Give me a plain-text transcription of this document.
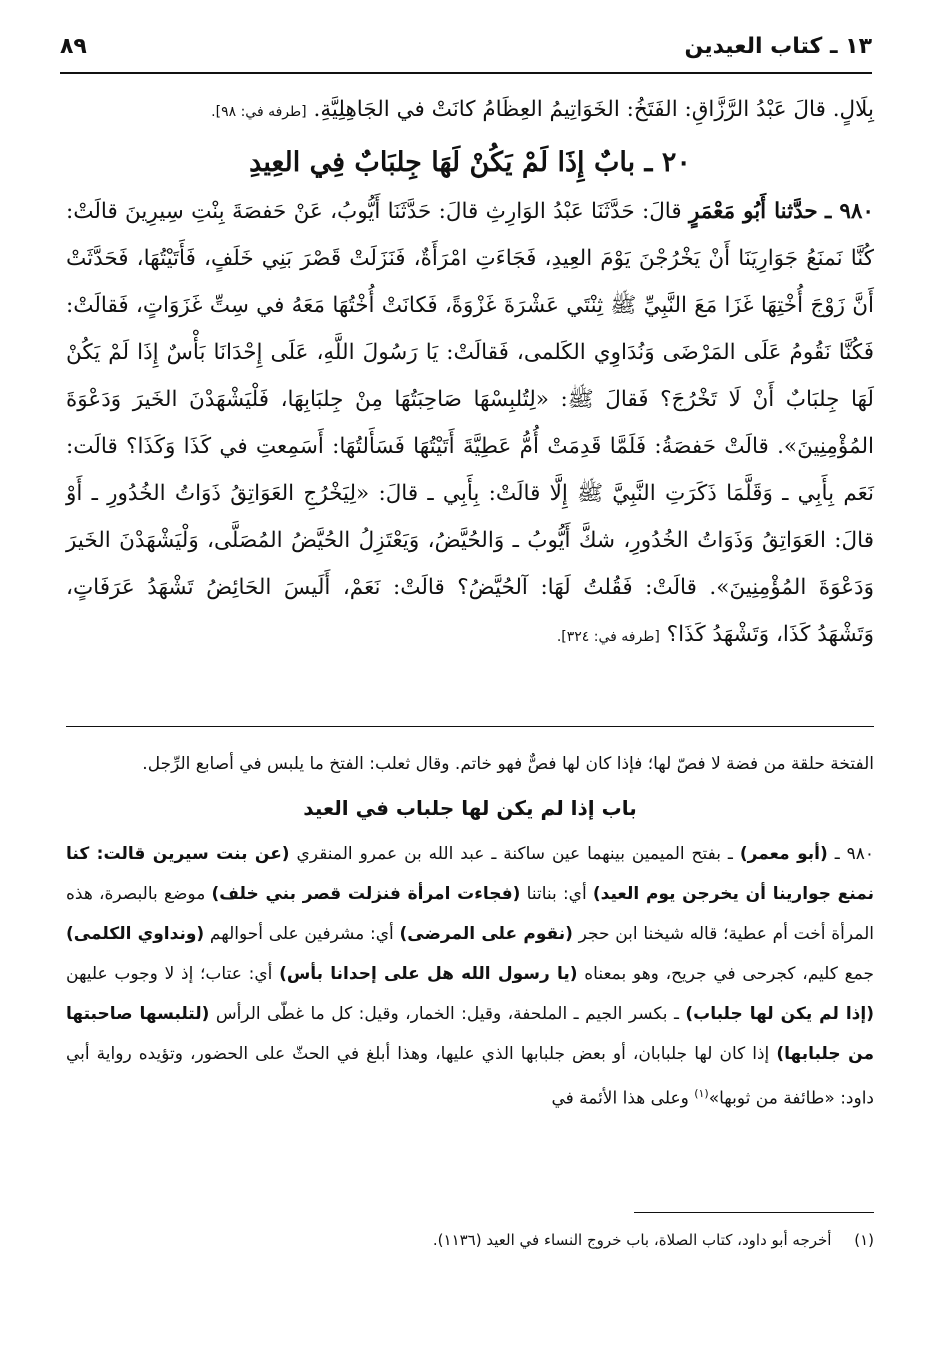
٨٩	١٣ ـ كتاب العيدين

بِلَالٍ. قالَ عَبْدُ الرَّزَّاقِ: الفَتَخُ: الخَوَاتِيمُ العِظَامُ كانَتْ في الجَاهِلِيَّةِ. [طرفه في: ٩٨].

٢٠ ـ بابٌ إِذَا لَمْ يَكُنْ لَهَا جِلبَابٌ فِي العِيدِ

٩٨٠ ـ حدَّثنا أَبُو مَعْمَرٍ قالَ: حَدَّثَنَا عَبْدُ الوَارِثِ قالَ: حَدَّثَنَا أَيُّوبُ، عَنْ حَفصَةَ بِنْتِ سِيرِينَ قالَتْ: كُنَّا نَمنَعُ جَوَارِيَنَا أَنْ يَخْرُجْنَ يَوْمَ العِيدِ، فَجَاءَتِ امْرَأَةٌ، فَنَزَلَتْ قَصْرَ بَنِي خَلَفٍ، فَأَتَيْتُهَا، فَحَدَّثَتْ أَنَّ زَوْجَ أُخْتِهَا غَزَا مَعَ النَّبِيِّ ﷺ ثِنْتَي عَشْرَةَ غَزْوَةً، فَكانَتْ أُخْتُهَا مَعَهُ في سِتِّ غَزَوَاتٍ، فَقالَتْ: فَكُنَّا نَقُومُ عَلَى المَرْضَى وَنُدَاوِي الكَلمى، فَقالَتْ: يَا رَسُولَ اللَّهِ، عَلَى إِحْدَانَا بَأْسٌ إِذَا لَمْ يَكُنْ لَهَا جِلبَابٌ أَنْ لَا تَخْرُجَ؟ فَقالَ ﷺ: «لِتُلبِسْهَا صَاحِبَتُهَا مِنْ جِلبَابِهَا، فَلْيَشْهَدْنَ الخَيرَ وَدَعْوَةَ المُؤْمِنِينَ». قالَتْ حَفصَةُ: فَلَمَّا قَدِمَتْ أُمُّ عَطِيَّةَ أَتَيْتُهَا فَسَأَلتُهَا: أَسَمِعتِ في كَذَا وَكَذَا؟ قالَت: نَعَم بِأَبِي ـ وَقَلَّمَا ذَكَرَتِ النَّبِيَّ ﷺ إِلَّا قالَتْ: بِأَبِي ـ قالَ: «لِيَخْرُجِ العَوَاتِقُ ذَوَاتُ الخُدُورِ ـ أَوْ قالَ: العَوَاتِقُ وَذَوَاتُ الخُدُورِ، شكَّ أَيُّوبُ ـ وَالحُيَّضُ، وَيَعْتَزِلُ الحُيَّضُ المُصَلَّى، وَلْيَشْهَدْنَ الخَيرَ وَدَعْوَةَ المُؤْمِنِينَ». قالَتْ: فَقُلتُ لَهَا: آلحُيَّضُ؟ قالَتْ: نَعَمْ، أَلَيسَ الحَائِضُ تَشْهَدُ عَرَفَاتٍ، وَتَشْهَدُ كَذَا، وَتَشْهَدُ كَذَا؟ [طرفه في: ٣٢٤].

الفتخة حلقة من فضة لا فصّ لها؛ فإذا كان لها فصٌّ فهو خاتم. وقال ثعلب: الفتخ ما يلبس في أصابع الرِّجل.

باب إذا لم يكن لها جلباب في العيد

٩٨٠ ـ (أبو معمر) ـ بفتح الميمين بينهما عين ساكنة ـ عبد الله بن عمرو المنقري (عن بنت سيرين قالت: كنا نمنع جوارينا أن يخرجن يوم العيد) أي: بناتنا (فجاءت امرأة فنزلت قصر بني خلف) موضع بالبصرة، هذه المرأة أخت أم عطية؛ قاله شيخنا ابن حجر (نقوم على المرضى) أي: مشرفين على أحوالهم (ونداوي الكلمى) جمع كليم، كجرحى في جريح، وهو بمعناه (يا رسول الله هل على إحدانا بأس) أي: عتاب؛ إذ لا وجوب عليهن (إذا لم يكن لها جلباب) ـ بكسر الجيم ـ الملحفة، وقيل: الخمار، وقيل: كل ما غطّى الرأس (لتلبسها صاحبتها من جلبابها) إذا كان لها جلبابان، أو بعض جلبابها الذي عليها، وهذا أبلغ في الحثّ على الحضور، وتؤيده رواية أبي داود: «طائفة من ثوبها»$^{(١)}$ وعلى هذا الأئمة في

(١) أخرجه أبو داود، كتاب الصلاة، باب خروج النساء في العيد (١١٣٦).
